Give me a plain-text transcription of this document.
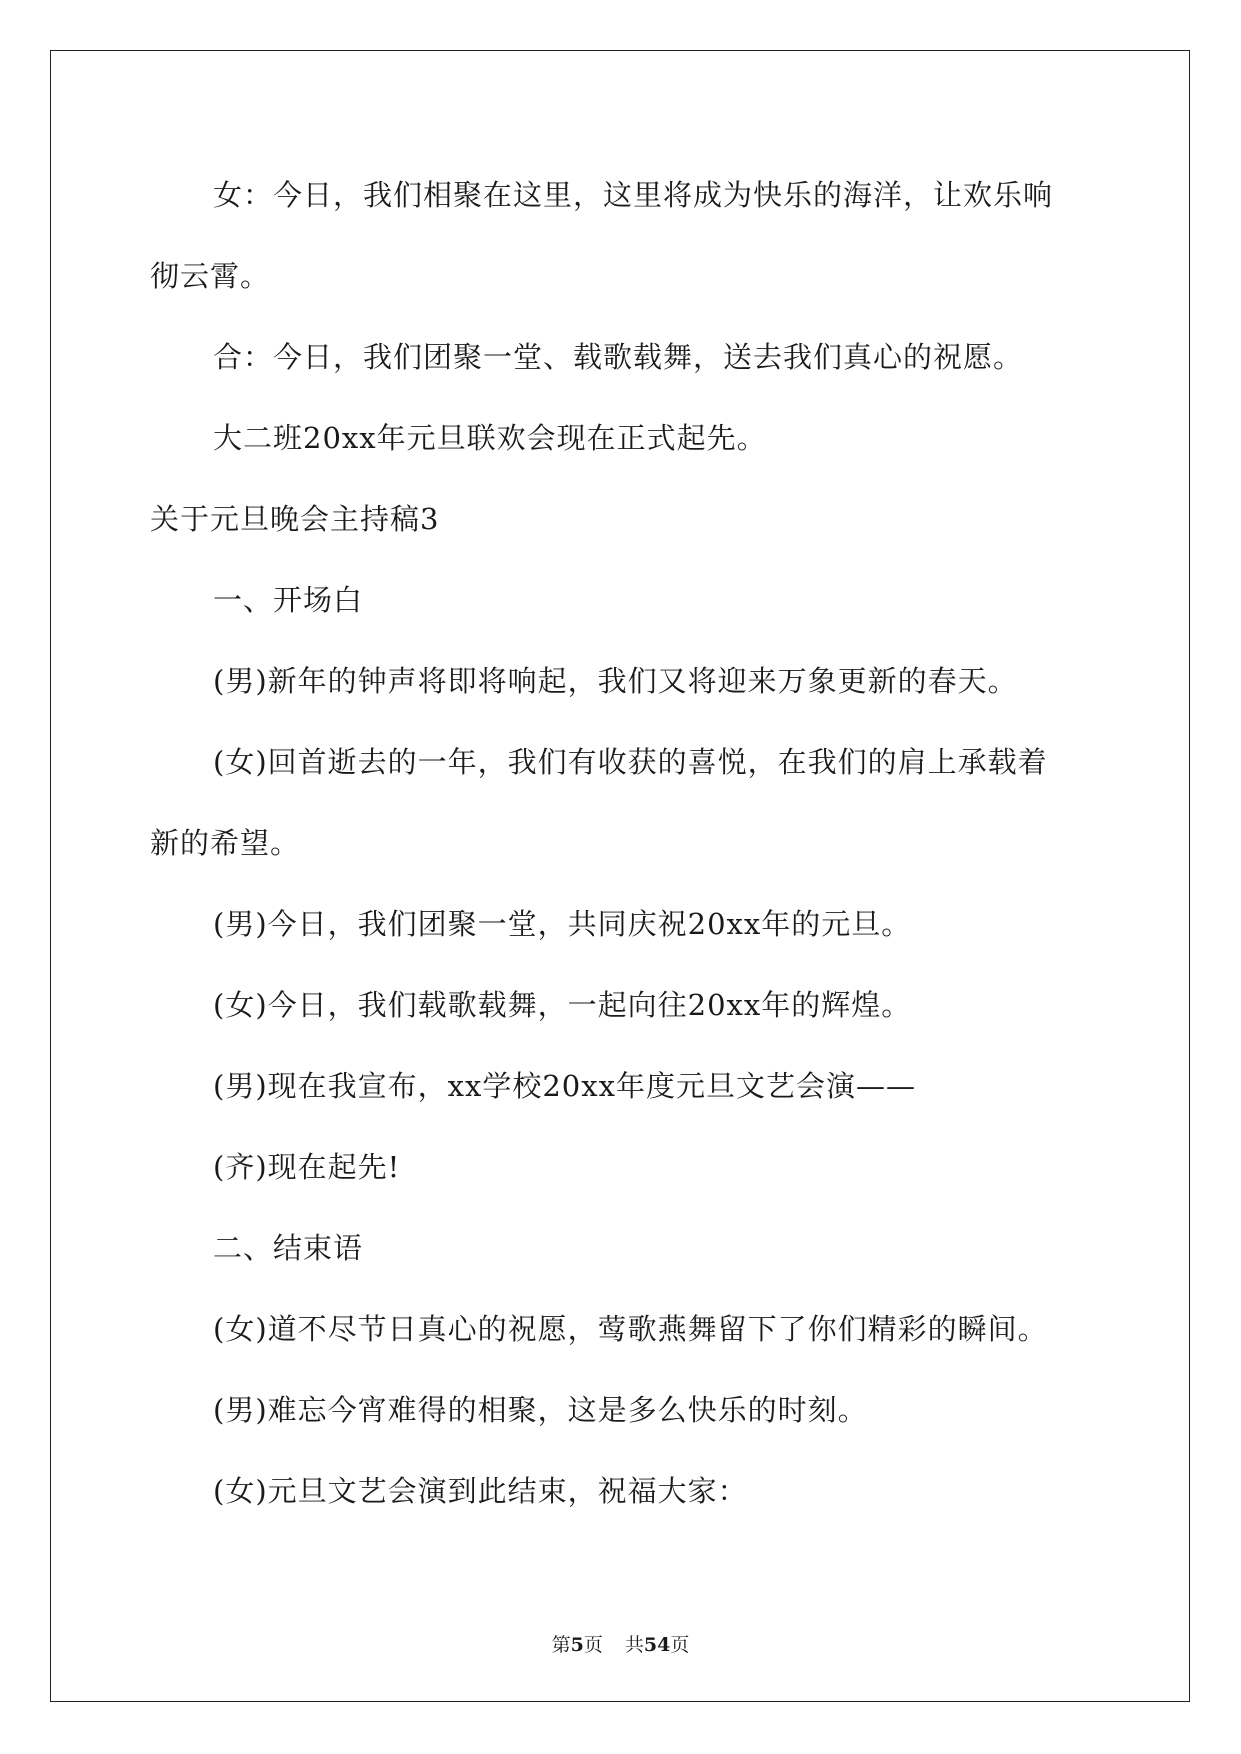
女：今日，我们相聚在这里，这里将成为快乐的海洋，让欢乐响
彻云霄。
合：今日，我们团聚一堂、载歌载舞，送去我们真心的祝愿。
大二班20xx年元旦联欢会现在正式起先。
关于元旦晚会主持稿3
一、开场白
(男)新年的钟声将即将响起，我们又将迎来万象更新的春天。
(女)回首逝去的一年，我们有收获的喜悦，在我们的肩上承载着
新的希望。
(男)今日，我们团聚一堂，共同庆祝20xx年的元旦。
(女)今日，我们载歌载舞，一起向往20xx年的辉煌。
(男)现在我宣布，xx学校20xx年度元旦文艺会演——
(齐)现在起先!
二、结束语
(女)道不尽节日真心的祝愿，莺歌燕舞留下了你们精彩的瞬间。
(男)难忘今宵难得的相聚，这是多么快乐的时刻。
(女)元旦文艺会演到此结束，祝福大家：
第5页 共54页
